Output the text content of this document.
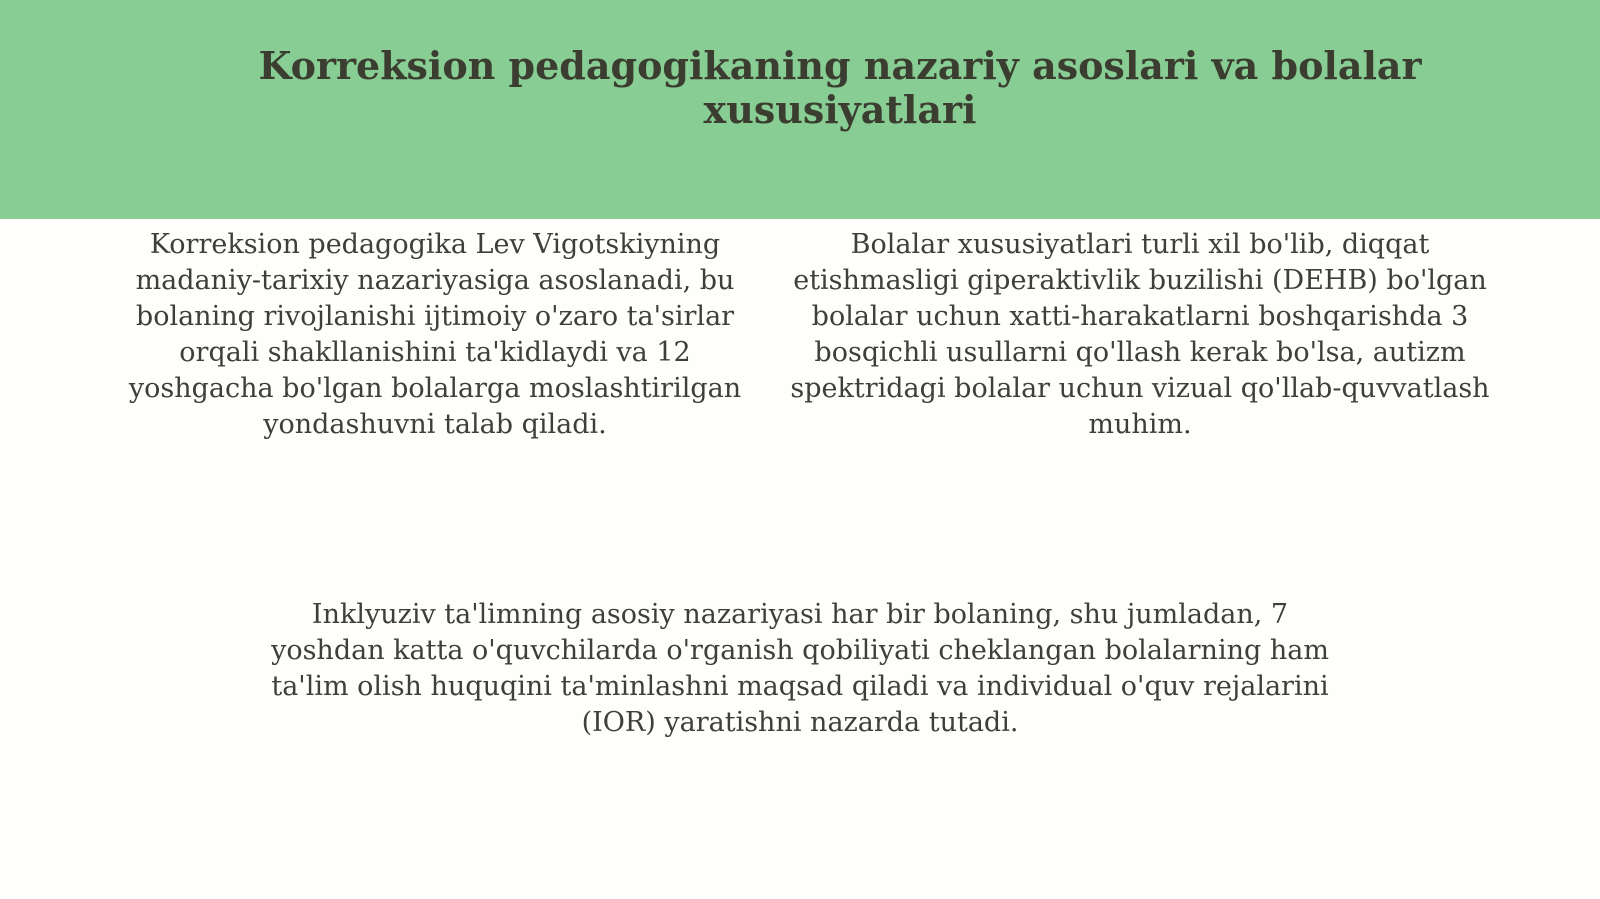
Korreksion pedagogikaning nazariy asoslari va bolalar xususiyatlari

Korreksion pedagogika Lev Vigotskiyning madaniy-tarixiy nazariyasiga asoslanadi, bu bolaning rivojlanishi ijtimoiy o'zaro ta'sirlar orqali shakllanishini ta'kidlaydi va 12 yoshgacha bo'lgan bolalarga moslashtirilgan yondashuvni talab qiladi.

Bolalar xususiyatlari turli xil bo'lib, diqqat etishmasligi giperaktivlik buzilishi (DEHB) bo'lgan bolalar uchun xatti-harakatlarni boshqarishda 3 bosqichli usullarni qo'llash kerak bo'lsa, autizm spektridagi bolalar uchun vizual qo'llab-quvvatlash muhim.

Inklyuziv ta'limning asosiy nazariyasi har bir bolaning, shu jumladan, 7 yoshdan katta o'quvchilarda o'rganish qobiliyati cheklangan bolalarning ham ta'lim olish huquqini ta'minlashni maqsad qiladi va individual o'quv rejalarini (IOR) yaratishni nazarda tutadi.
